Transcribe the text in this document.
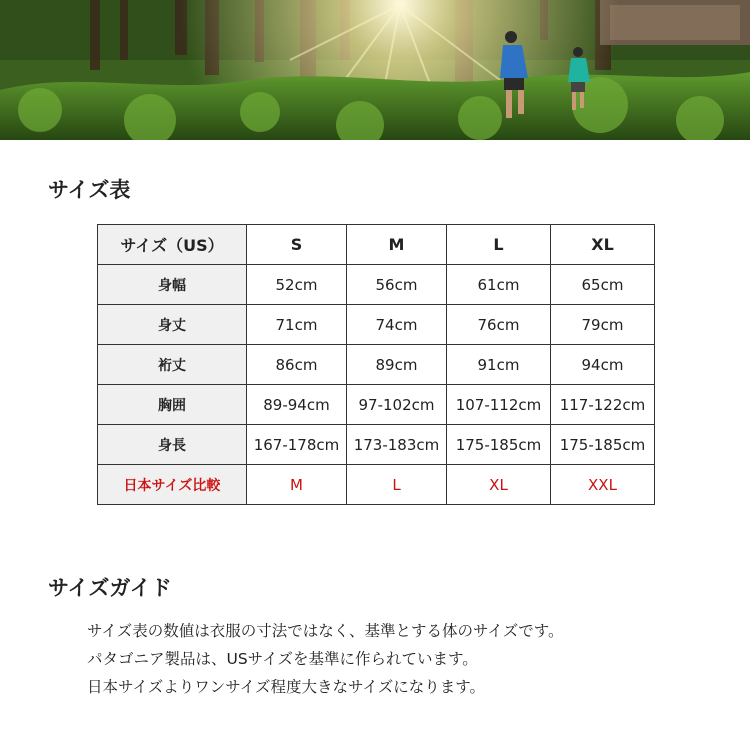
サイズ表
サイズ（US）	S	M	L	XL
身幅	52cm	56cm	61cm	65cm
身丈	71cm	74cm	76cm	79cm
裄丈	86cm	89cm	91cm	94cm
胸囲	89-94cm	97-102cm	107-112cm	117-122cm
身長	167-178cm	173-183cm	175-185cm	175-185cm
日本サイズ比較	M	L	XL	XXL
サイズガイド

サイズ表の数値は衣服の寸法ではなく、基準とする体のサイズです。

パタゴニア製品は、USサイズを基準に作られています。

日本サイズよりワンサイズ程度大きなサイズになります。
